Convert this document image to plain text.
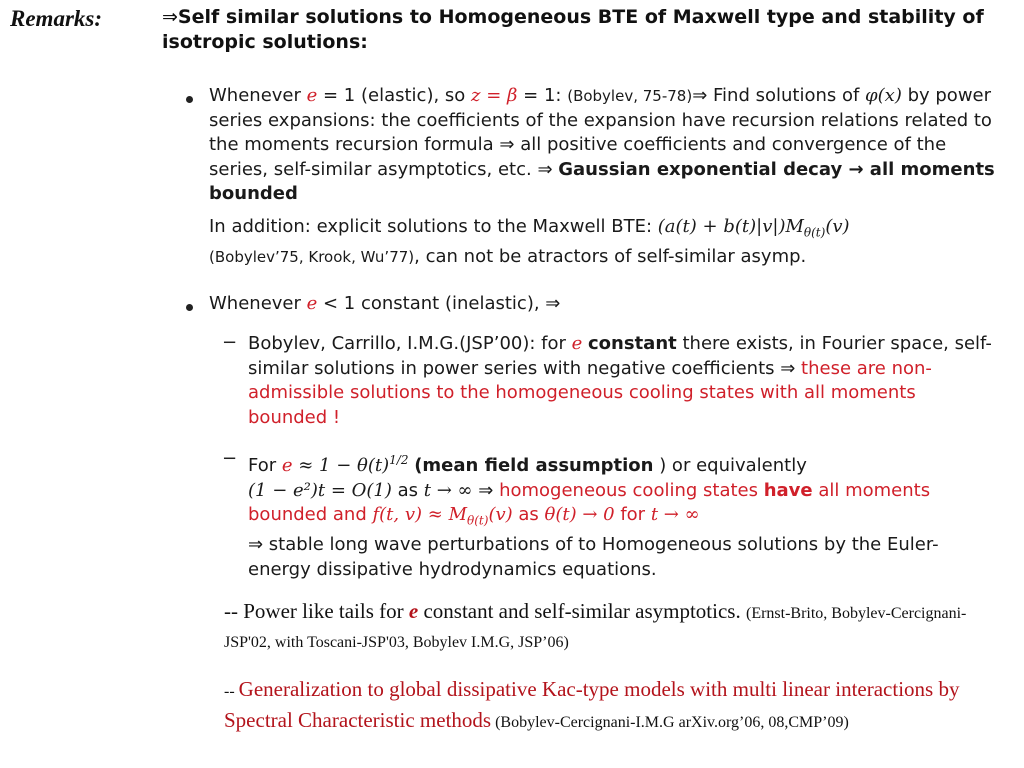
Remarks:	⇒Self similar solutions to Homogeneous BTE of Maxwell type and stability of isotropic solutions:
Whenever e = 1 (elastic), so z = β = 1: (Bobylev, 75-78)⇒ Find solutions of φ(x) by power series expansions: the coefficients of the expansion have recursion relations related to the moments recursion formula ⇒ all positive coefficients and convergence of the series, self-similar asymptotics, etc. ⇒ Gaussian exponential decay → all moments bounded
In addition: explicit solutions to the Maxwell BTE: $(a(t) + b(t)|v|)M_{\theta(t)}(v)$
(Bobylev’75, Krook, Wu’77), can not be atractors of self-similar asymp.
Whenever e < 1 constant (inelastic), ⇒
− Bobylev, Carrillo, I.M.G.(JSP’00): for e constant there exists, in Fourier space, self-similar solutions in power series with negative coefficients ⇒ these are non-admissible solutions to the homogeneous cooling states with all moments bounded !
− For $e \approx 1 - \theta(t)^{1/2}$ (mean field assumption ) or equivalently
(1 − e²)t = O(1) as t → ∞ ⇒ homogeneous cooling states have all moments bounded and f(t, $v) \approx M_{\theta(t)}(v)$ as θ(t) → 0 for t → ∞
⇒ stable long wave perturbations of to Homogeneous solutions by the Euler-energy dissipative hydrodynamics equations.
-- Power like tails for e constant and self-similar asymptotics. (Ernst-Brito, Bobylev-Cercignani- JSP'02, with Toscani-JSP'03, Bobylev I.M.G, JSP’06)
-- Generalization to global dissipative Kac-type models with multi linear interactions by Spectral Characteristic methods (Bobylev-Cercignani-I.M.G arXiv.org’06, 08,CMP’09)
